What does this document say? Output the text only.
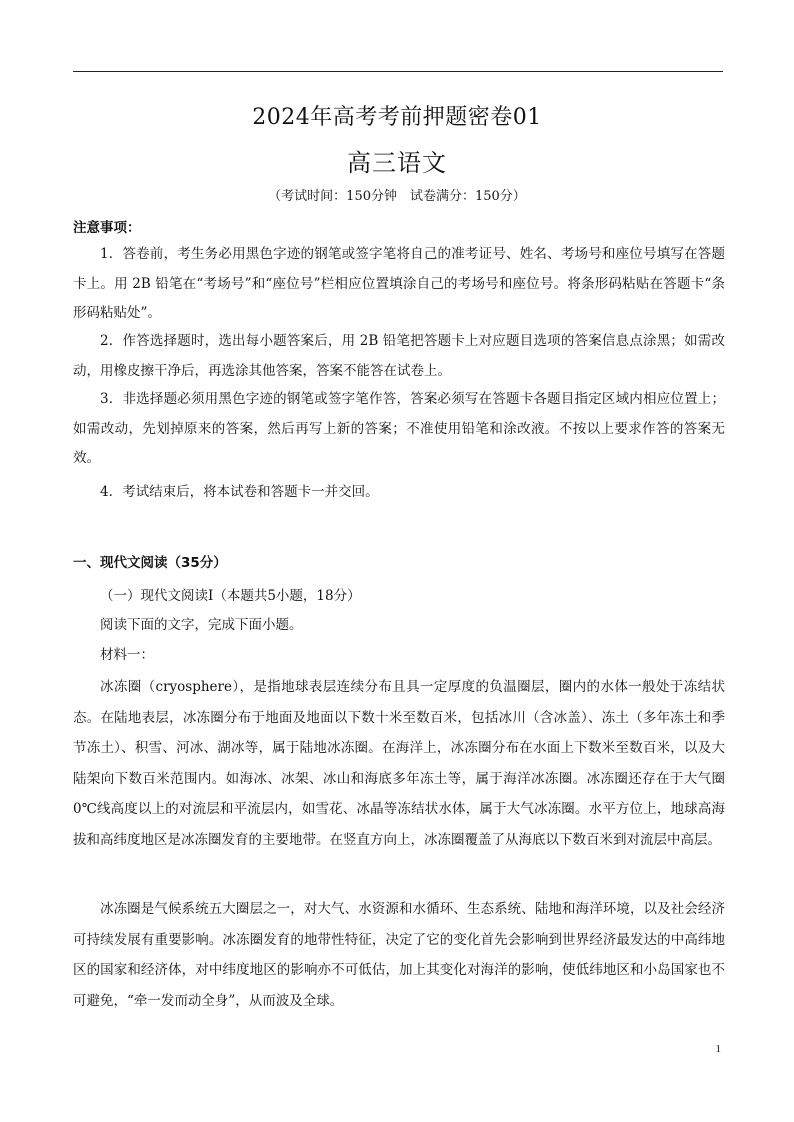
2024年高考考前押题密卷01
高三语文
（考试时间：150分钟　试卷满分：150分）
注意事项：

1．答卷前，考生务必用黑色字迹的钢笔或签字笔将自己的准考证号、姓名、考场号和座位号填写在答题卡上。用 2B 铅笔在“考场号”和“座位号”栏相应位置填涂自己的考场号和座位号。将条形码粘贴在答题卡“条形码粘贴处”。

2．作答选择题时，选出每小题答案后，用 2B 铅笔把答题卡上对应题目选项的答案信息点涂黑；如需改动，用橡皮擦干净后，再选涂其他答案，答案不能答在试卷上。

3．非选择题必须用黑色字迹的钢笔或签字笔作答，答案必须写在答题卡各题目指定区域内相应位置上；如需改动，先划掉原来的答案，然后再写上新的答案；不准使用铅笔和涂改液。不按以上要求作答的答案无效。

4．考试结束后，将本试卷和答题卡一并交回。

一、现代文阅读（35分）
（一）现代文阅读Ⅰ（本题共5小题，18分）
阅读下面的文字，完成下面小题。
材料一：

冰冻圈（cryosphere），是指地球表层连续分布且具一定厚度的负温圈层，圈内的水体一般处于冻结状态。在陆地表层，冰冻圈分布于地面及地面以下数十米至数百米，包括冰川（含冰盖）、冻土（多年冻土和季节冻土）、积雪、河冰、湖冰等，属于陆地冰冻圈。在海洋上，冰冻圈分布在水面上下数米至数百米，以及大陆架向下数百米范围内。如海冰、冰架、冰山和海底多年冻土等，属于海洋冰冻圈。冰冻圈还存在于大气圈0℃线高度以上的对流层和平流层内，如雪花、冰晶等冻结状水体，属于大气冰冻圈。水平方位上，地球高海拔和高纬度地区是冰冻圈发育的主要地带。在竖直方向上，冰冻圈覆盖了从海底以下数百米到对流层中高层。

冰冻圈是气候系统五大圈层之一，对大气、水资源和水循环、生态系统、陆地和海洋环境，以及社会经济可持续发展有重要影响。冰冻圈发育的地带性特征，决定了它的变化首先会影响到世界经济最发达的中高纬地区的国家和经济体，对中纬度地区的影响亦不可低估，加上其变化对海洋的影响，使低纬地区和小岛国家也不可避免，“牵一发而动全身”，从而波及全球。

1
